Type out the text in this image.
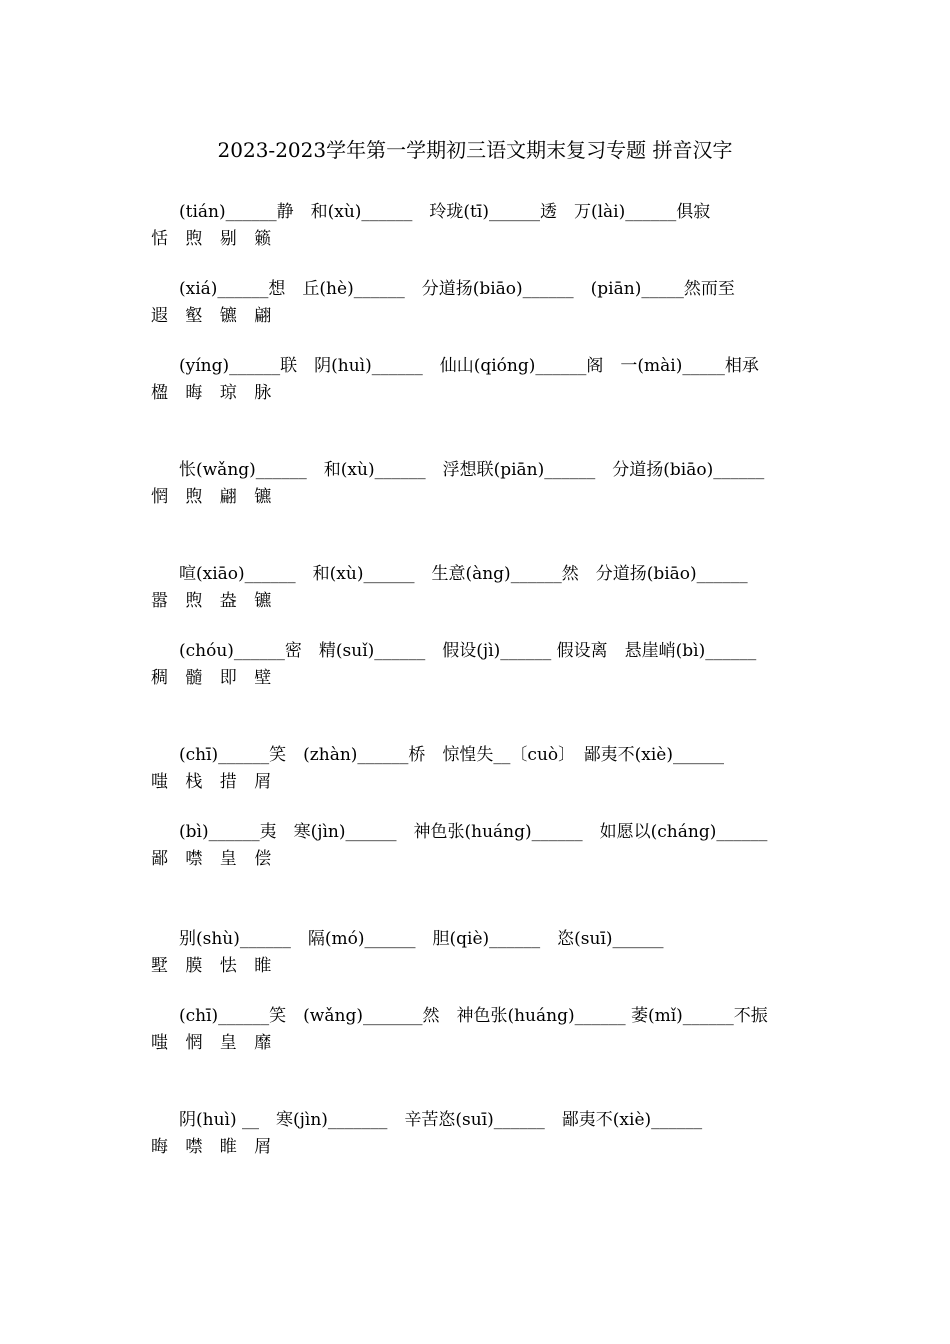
2023-2023学年第一学期初三语文期末复习专题 拼音汉字
(tián)______静　和(xù)______　玲珑(tī)______透　万(lài)______俱寂
恬 煦 剔 籁
(xiá)______想　丘(hè)______　分道扬(biāo)______　(piān)_____然而至
遐 壑 镳 翩
(yíng)______联　阴(huì)______　仙山(qióng)______阁　一(mài)_____相承
楹 晦 琼 脉
怅(wǎng)______　和(xù)______　浮想联(piān)______　分道扬(biāo)______
惘 煦 翩 镳
喧(xiāo)______　和(xù)______　生意(àng)______然　分道扬(biāo)______
嚣 煦 盎 镳
(chóu)______密　精(suǐ)______　假设(jì)______ 假设离　悬崖峭(bì)______
稠 髓 即 壁
(chī)______笑　(zhàn)______桥　惊惶失__〔cuò〕　鄙夷不(xiè)______
嗤 栈 措 屑
(bì)______夷　寒(jìn)______　神色张(huáng)______　如愿以(cháng)______
鄙 噤 皇 偿
别(shù)______　隔(mó)______　胆(qiè)______　恣(suī)______
墅 膜 怯 睢
(chī)______笑　(wǎng)_______然　神色张(huáng)______ 萎(mǐ)______不振
嗤 惘 皇 靡
阴(huì) __　寒(jìn)_______　辛苦恣(suī)______　鄙夷不(xiè)______
晦 噤 睢 屑
